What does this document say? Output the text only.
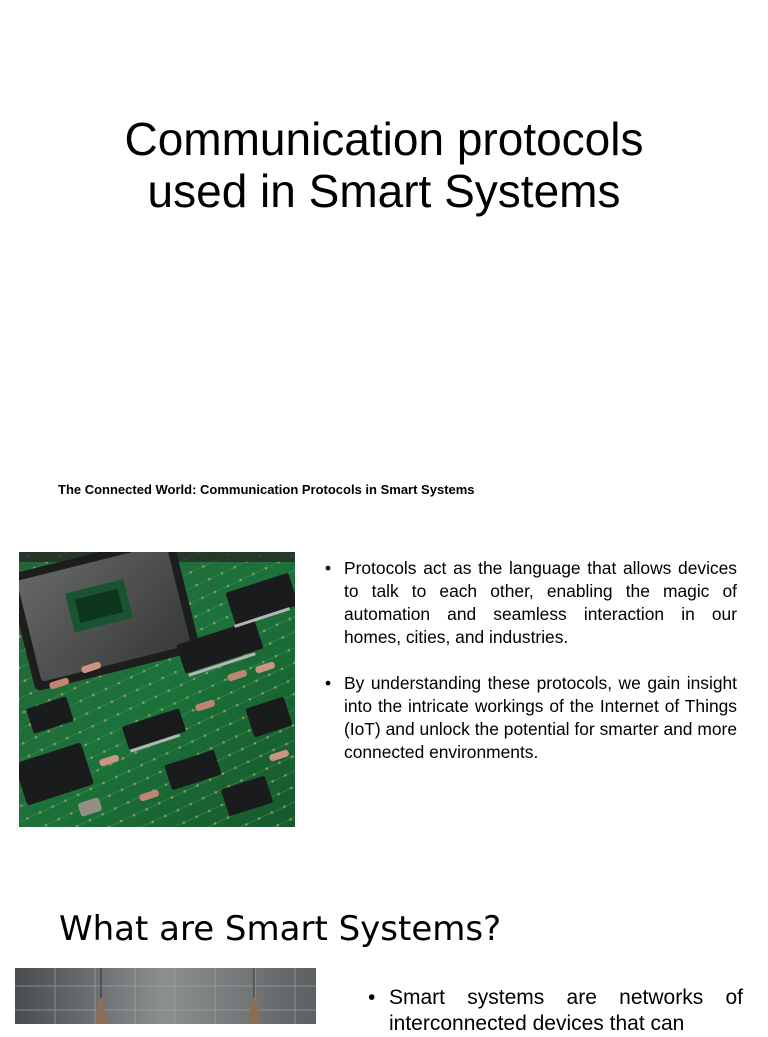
Communication protocols
used in Smart Systems
The Connected World: Communication Protocols in Smart Systems
• Protocols act as the language that allows devices to talk to each other, enabling the magic of automation and seamless interaction in our homes, cities, and industries.
• By understanding these protocols, we gain insight into the intricate workings of the Internet of Things (IoT) and unlock the potential for smarter and more connected environments.
What are Smart Systems?
• Smart systems are networks of interconnected devices that can
